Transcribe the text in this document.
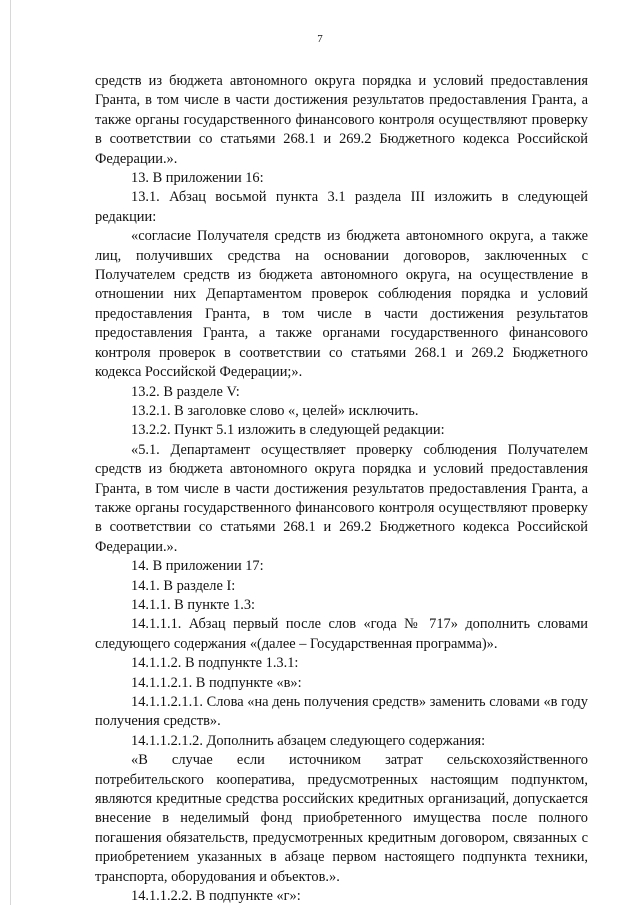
7

средств из бюджета автономного округа порядка и условий предоставления Гранта, в том числе в части достижения результатов предоставления Гранта, а также органы государственного финансового контроля осуществляют проверку в соответствии со статьями 268.1 и 269.2 Бюджетного кодекса Российской Федерации.».

13. В приложении 16:

13.1. Абзац восьмой пункта 3.1 раздела III изложить в следующей редакции:

«согласие Получателя средств из бюджета автономного округа, а также лиц, получивших средства на основании договоров, заключенных с Получателем средств из бюджета автономного округа, на осуществление в отношении них Департаментом проверок соблюдения порядка и условий предоставления Гранта, в том числе в части достижения результатов предоставления Гранта, а также органами государственного финансового контроля проверок в соответствии со статьями 268.1 и 269.2 Бюджетного кодекса Российской Федерации;».

13.2. В разделе V:

13.2.1. В заголовке слово «, целей» исключить.

13.2.2. Пункт 5.1 изложить в следующей редакции:

«5.1. Департамент осуществляет проверку соблюдения Получателем средств из бюджета автономного округа порядка и условий предоставления Гранта, в том числе в части достижения результатов предоставления Гранта, а также органы государственного финансового контроля осуществляют проверку в соответствии со статьями 268.1 и 269.2 Бюджетного кодекса Российской Федерации.».

14. В приложении 17:

14.1. В разделе I:

14.1.1. В пункте 1.3:

14.1.1.1. Абзац первый после слов «года № 717» дополнить словами следующего содержания «(далее – Государственная программа)».

14.1.1.2. В подпункте 1.3.1:

14.1.1.2.1. В подпункте «в»:

14.1.1.2.1.1. Слова «на день получения средств» заменить словами «в году получения средств».

14.1.1.2.1.2. Дополнить абзацем следующего содержания:

«В случае если источником затрат сельскохозяйственного потребительского кооператива, предусмотренных настоящим подпунктом, являются кредитные средства российских кредитных организаций, допускается внесение в неделимый фонд приобретенного имущества после полного погашения обязательств, предусмотренных кредитным договором, связанных с приобретением указанных в абзаце первом настоящего подпункта техники, транспорта, оборудования и объектов.».

14.1.1.2.2. В подпункте «г»:
